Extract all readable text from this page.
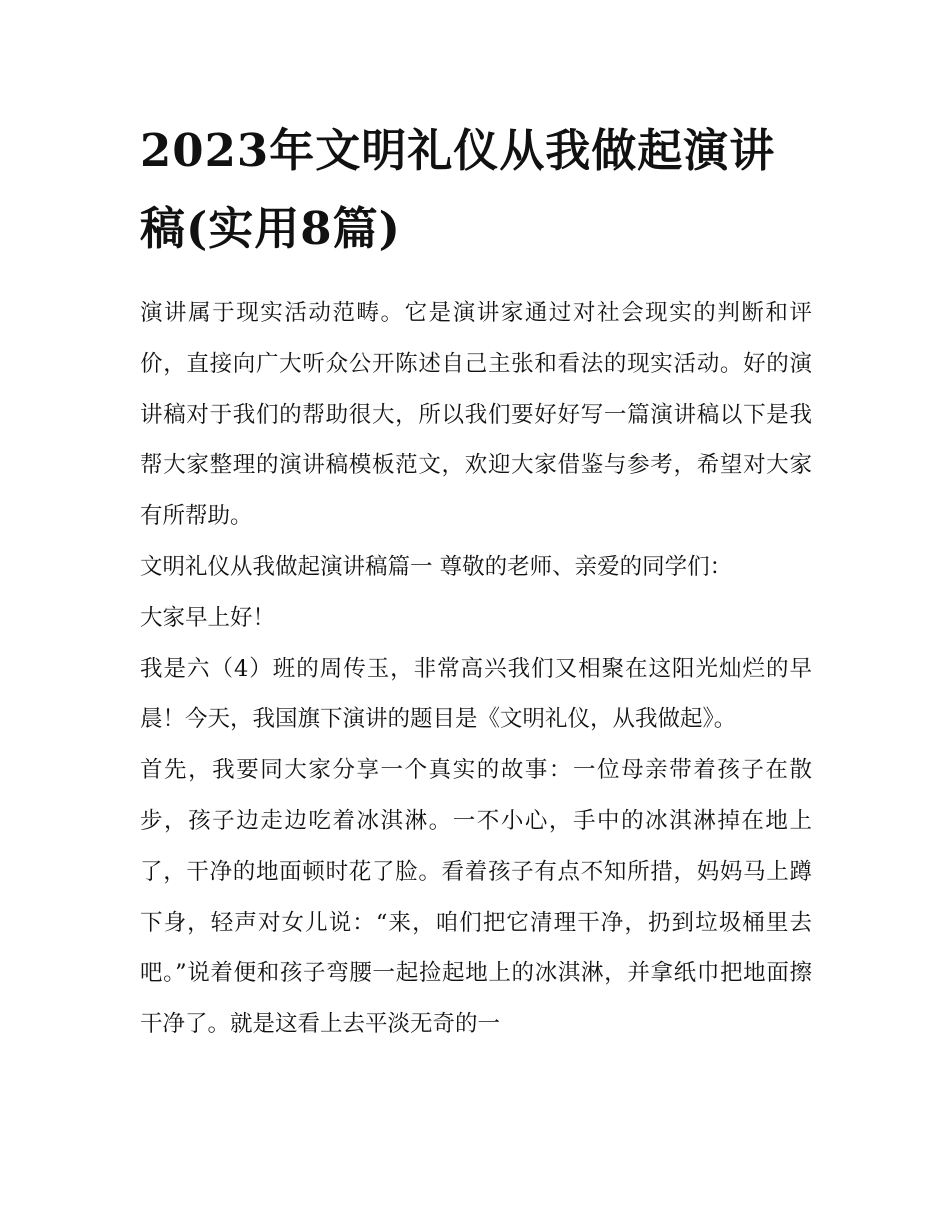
2023年文明礼仪从我做起演讲稿(实用8篇)

演讲属于现实活动范畴。它是演讲家通过对社会现实的判断和评价，直接向广大听众公开陈述自己主张和看法的现实活动。好的演讲稿对于我们的帮助很大，所以我们要好好写一篇演讲稿以下是我帮大家整理的演讲稿模板范文，欢迎大家借鉴与参考，希望对大家有所帮助。

文明礼仪从我做起演讲稿篇一 尊敬的老师、亲爱的同学们：

大家早上好！

我是六（4）班的周传玉，非常高兴我们又相聚在这阳光灿烂的早晨！今天，我国旗下演讲的题目是《文明礼仪，从我做起》。

首先，我要同大家分享一个真实的故事：一位母亲带着孩子在散步，孩子边走边吃着冰淇淋。一不小心，手中的冰淇淋掉在地上了，干净的地面顿时花了脸。看着孩子有点不知所措，妈妈马上蹲下身，轻声对女儿说：“来，咱们把它清理干净，扔到垃圾桶里去吧。”说着便和孩子弯腰一起捡起地上的冰淇淋，并拿纸巾把地面擦干净了。就是这看上去平淡无奇的一
